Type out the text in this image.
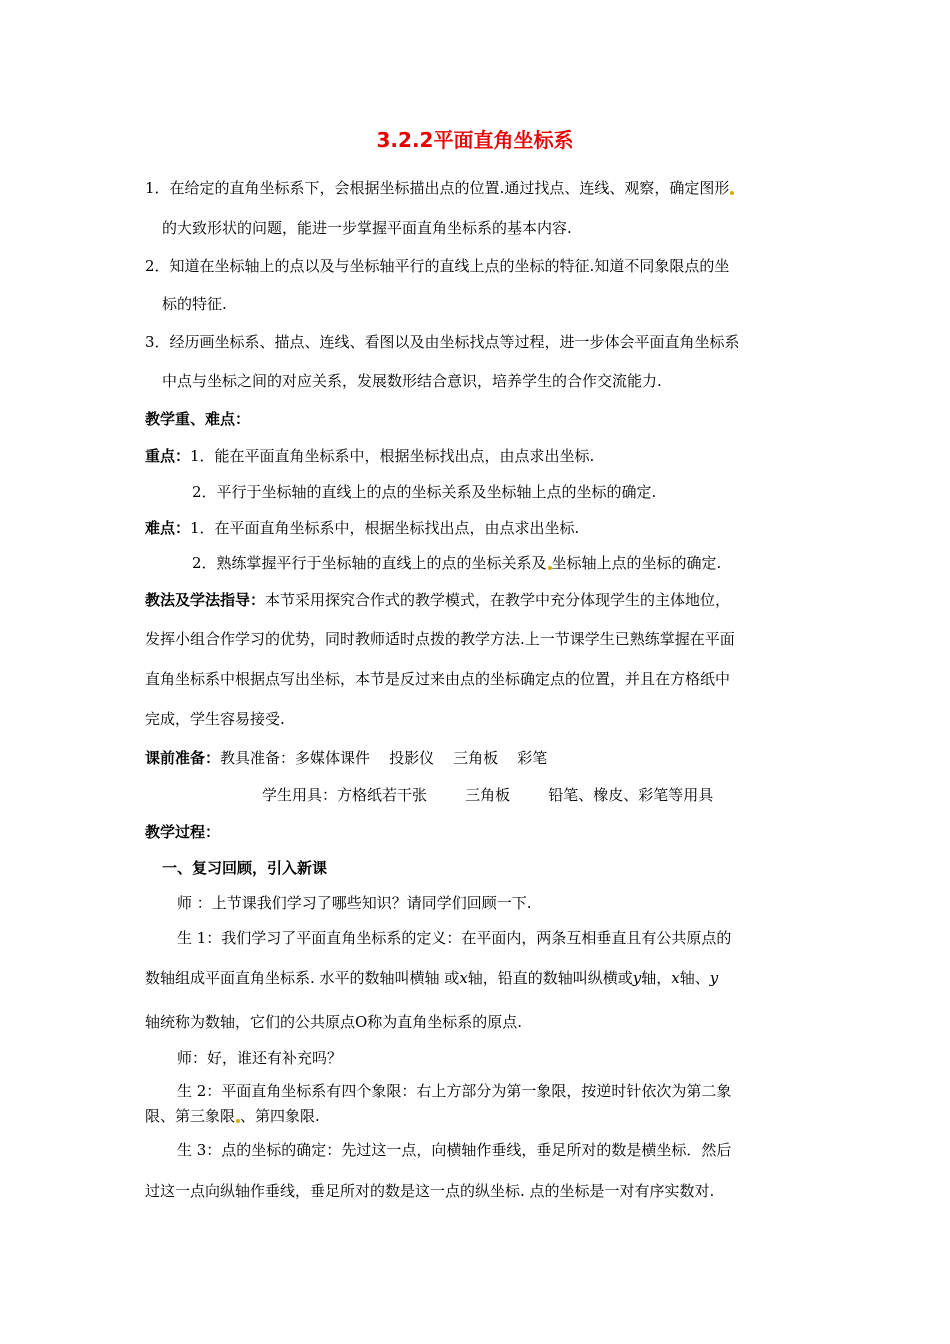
3.2.2平面直角坐标系
1．在给定的直角坐标系下，会根据坐标描出点的位置.通过找点、连线、观察，确定图形
的大致形状的问题，能进一步掌握平面直角坐标系的基本内容.
2．知道在坐标轴上的点以及与坐标轴平行的直线上点的坐标的特征.知道不同象限点的坐
标的特征.
3．经历画坐标系、描点、连线、看图以及由坐标找点等过程，进一步体会平面直角坐标系
中点与坐标之间的对应关系，发展数形结合意识，培养学生的合作交流能力.
教学重、难点：
重点：1．能在平面直角坐标系中，根据坐标找出点，由点求出坐标.
2．平行于坐标轴的直线上的点的坐标关系及坐标轴上点的坐标的确定.
难点：1．在平面直角坐标系中，根据坐标找出点，由点求出坐标.
2．熟练掌握平行于坐标轴的直线上的点的坐标关系及 坐标轴上点的坐标的确定.
教法及学法指导：本节采用探究合作式的教学模式，在教学中充分体现学生的主体地位，
发挥小组合作学习的优势，同时教师适时点拨的教学方法.上一节课学生已熟练掌握在平面
直角坐标系中根据点写出坐标，本节是反过来由点的坐标确定点的位置，并且在方格纸中
完成，学生容易接受.
课前准备：教具准备：多媒体课件    投影仪    三角板    彩笔
学生用具：方格纸若干张        三角板        铅笔、橡皮、彩笔等用具
教学过程：
一、复习回顾，引入新课
师 ：上节课我们学习了哪些知识？请同学们回顾一下.
生 1：我们学习了平面直角坐标系的定义：在平面内，两条互相垂直且有公共原点的
数轴组成平面直角坐标系. 水平的数轴叫横轴 或x轴，铅直的数轴叫纵横或y轴，x轴、y
轴统称为数轴，它们的公共原点O称为直角坐标系的原点.
师：好，谁还有补充吗？
生 2：平面直角坐标系有四个象限：右上方部分为第一象限，按逆时针依次为第二象
限、第三象限 、第四象限.
生 3：点的坐标的确定：先过这一点，向横轴作垂线，垂足所对的数是横坐标．然后
过这一点向纵轴作垂线，垂足所对的数是这一点的纵坐标. 点的坐标是一对有序实数对.
